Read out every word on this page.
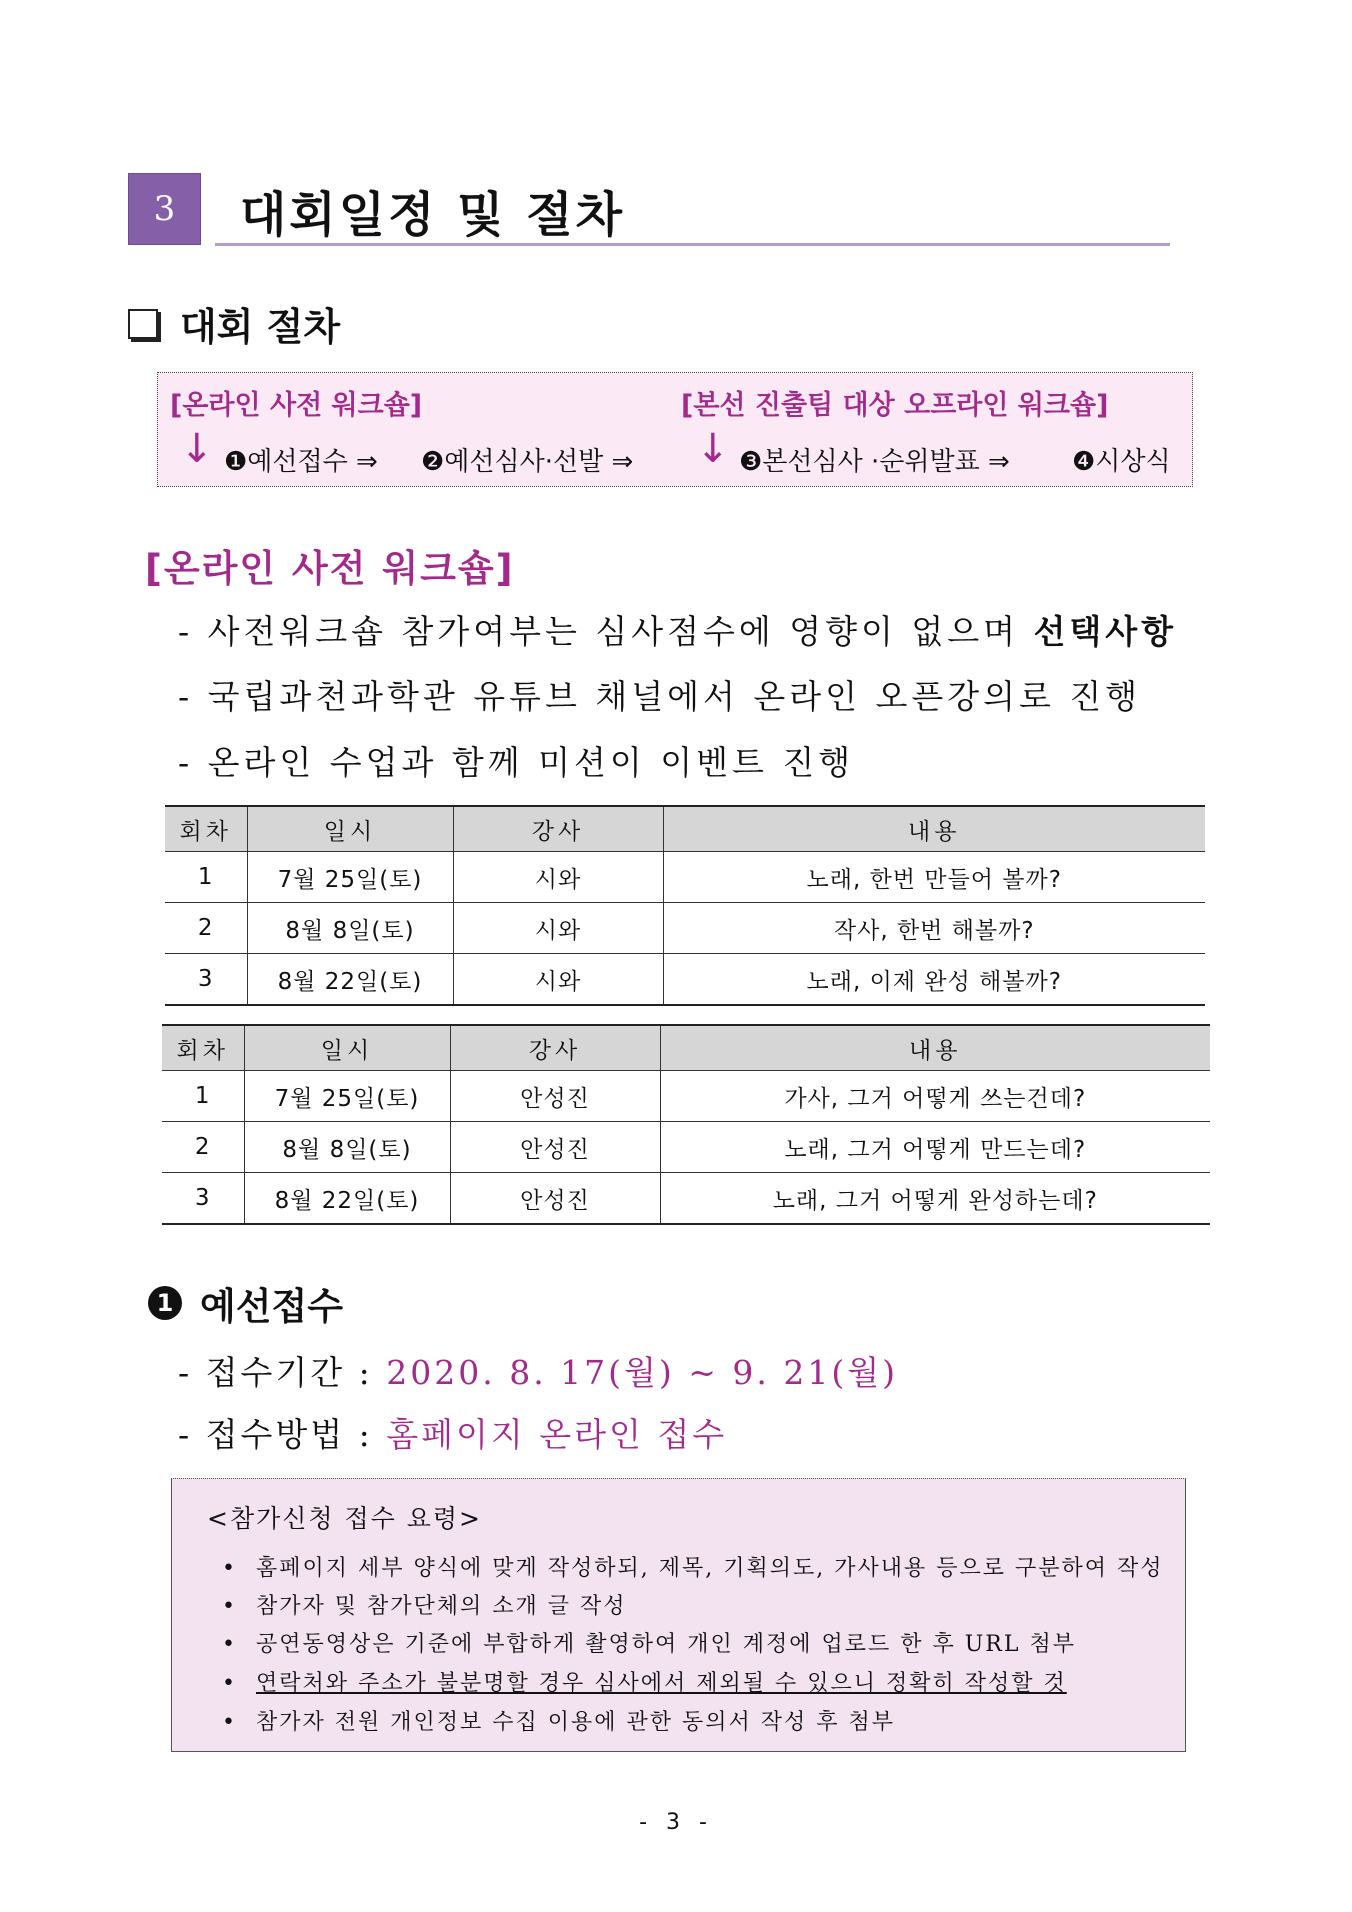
3 대회일정 및 절차
대회 절차
[온라인 사전 워크숍]	[본선 진출팀 대상 오프라인 워크숍]
↓	↓
❶예선접수 ⇒ ❷예선심사·선발 ⇒	❸본선심사 ·순위발표 ⇒ ❹시상식
[온라인 사전 워크숍]
- 사전워크숍 참가여부는 심사점수에 영향이 없으며 선택사항
- 국립과천과학관 유튜브 채널에서 온라인 오픈강의로 진행
- 온라인 수업과 함께 미션이 이벤트 진행
회차	일시	강사	내용
1	7월 25일(토)	시와	노래, 한번 만들어 볼까?
2	8월 8일(토)	시와	작사, 한번 해볼까?
3	8월 22일(토)	시와	노래, 이제 완성 해볼까?
회차	일시	강사	내용
1	7월 25일(토)	안성진	가사, 그거 어떻게 쓰는건데?
2	8월 8일(토)	안성진	노래, 그거 어떻게 만드는데?
3	8월 22일(토)	안성진	노래, 그거 어떻게 완성하는데?
1 예선접수
- 접수기간 : 2020. 8. 17(월) ~ 9. 21(월)
- 접수방법 : 홈페이지 온라인 접수
<참가신청 접수 요령>
• 홈페이지 세부 양식에 맞게 작성하되, 제목, 기획의도, 가사내용 등으로 구분하여 작성
• 참가자 및 참가단체의 소개 글 작성
• 공연동영상은 기준에 부합하게 촬영하여 개인 계정에 업로드 한 후 URL 첨부
• 연락처와 주소가 불분명할 경우 심사에서 제외될 수 있으니 정확히 작성할 것
• 참가자 전원 개인정보 수집 이용에 관한 동의서 작성 후 첨부
- 3 -
